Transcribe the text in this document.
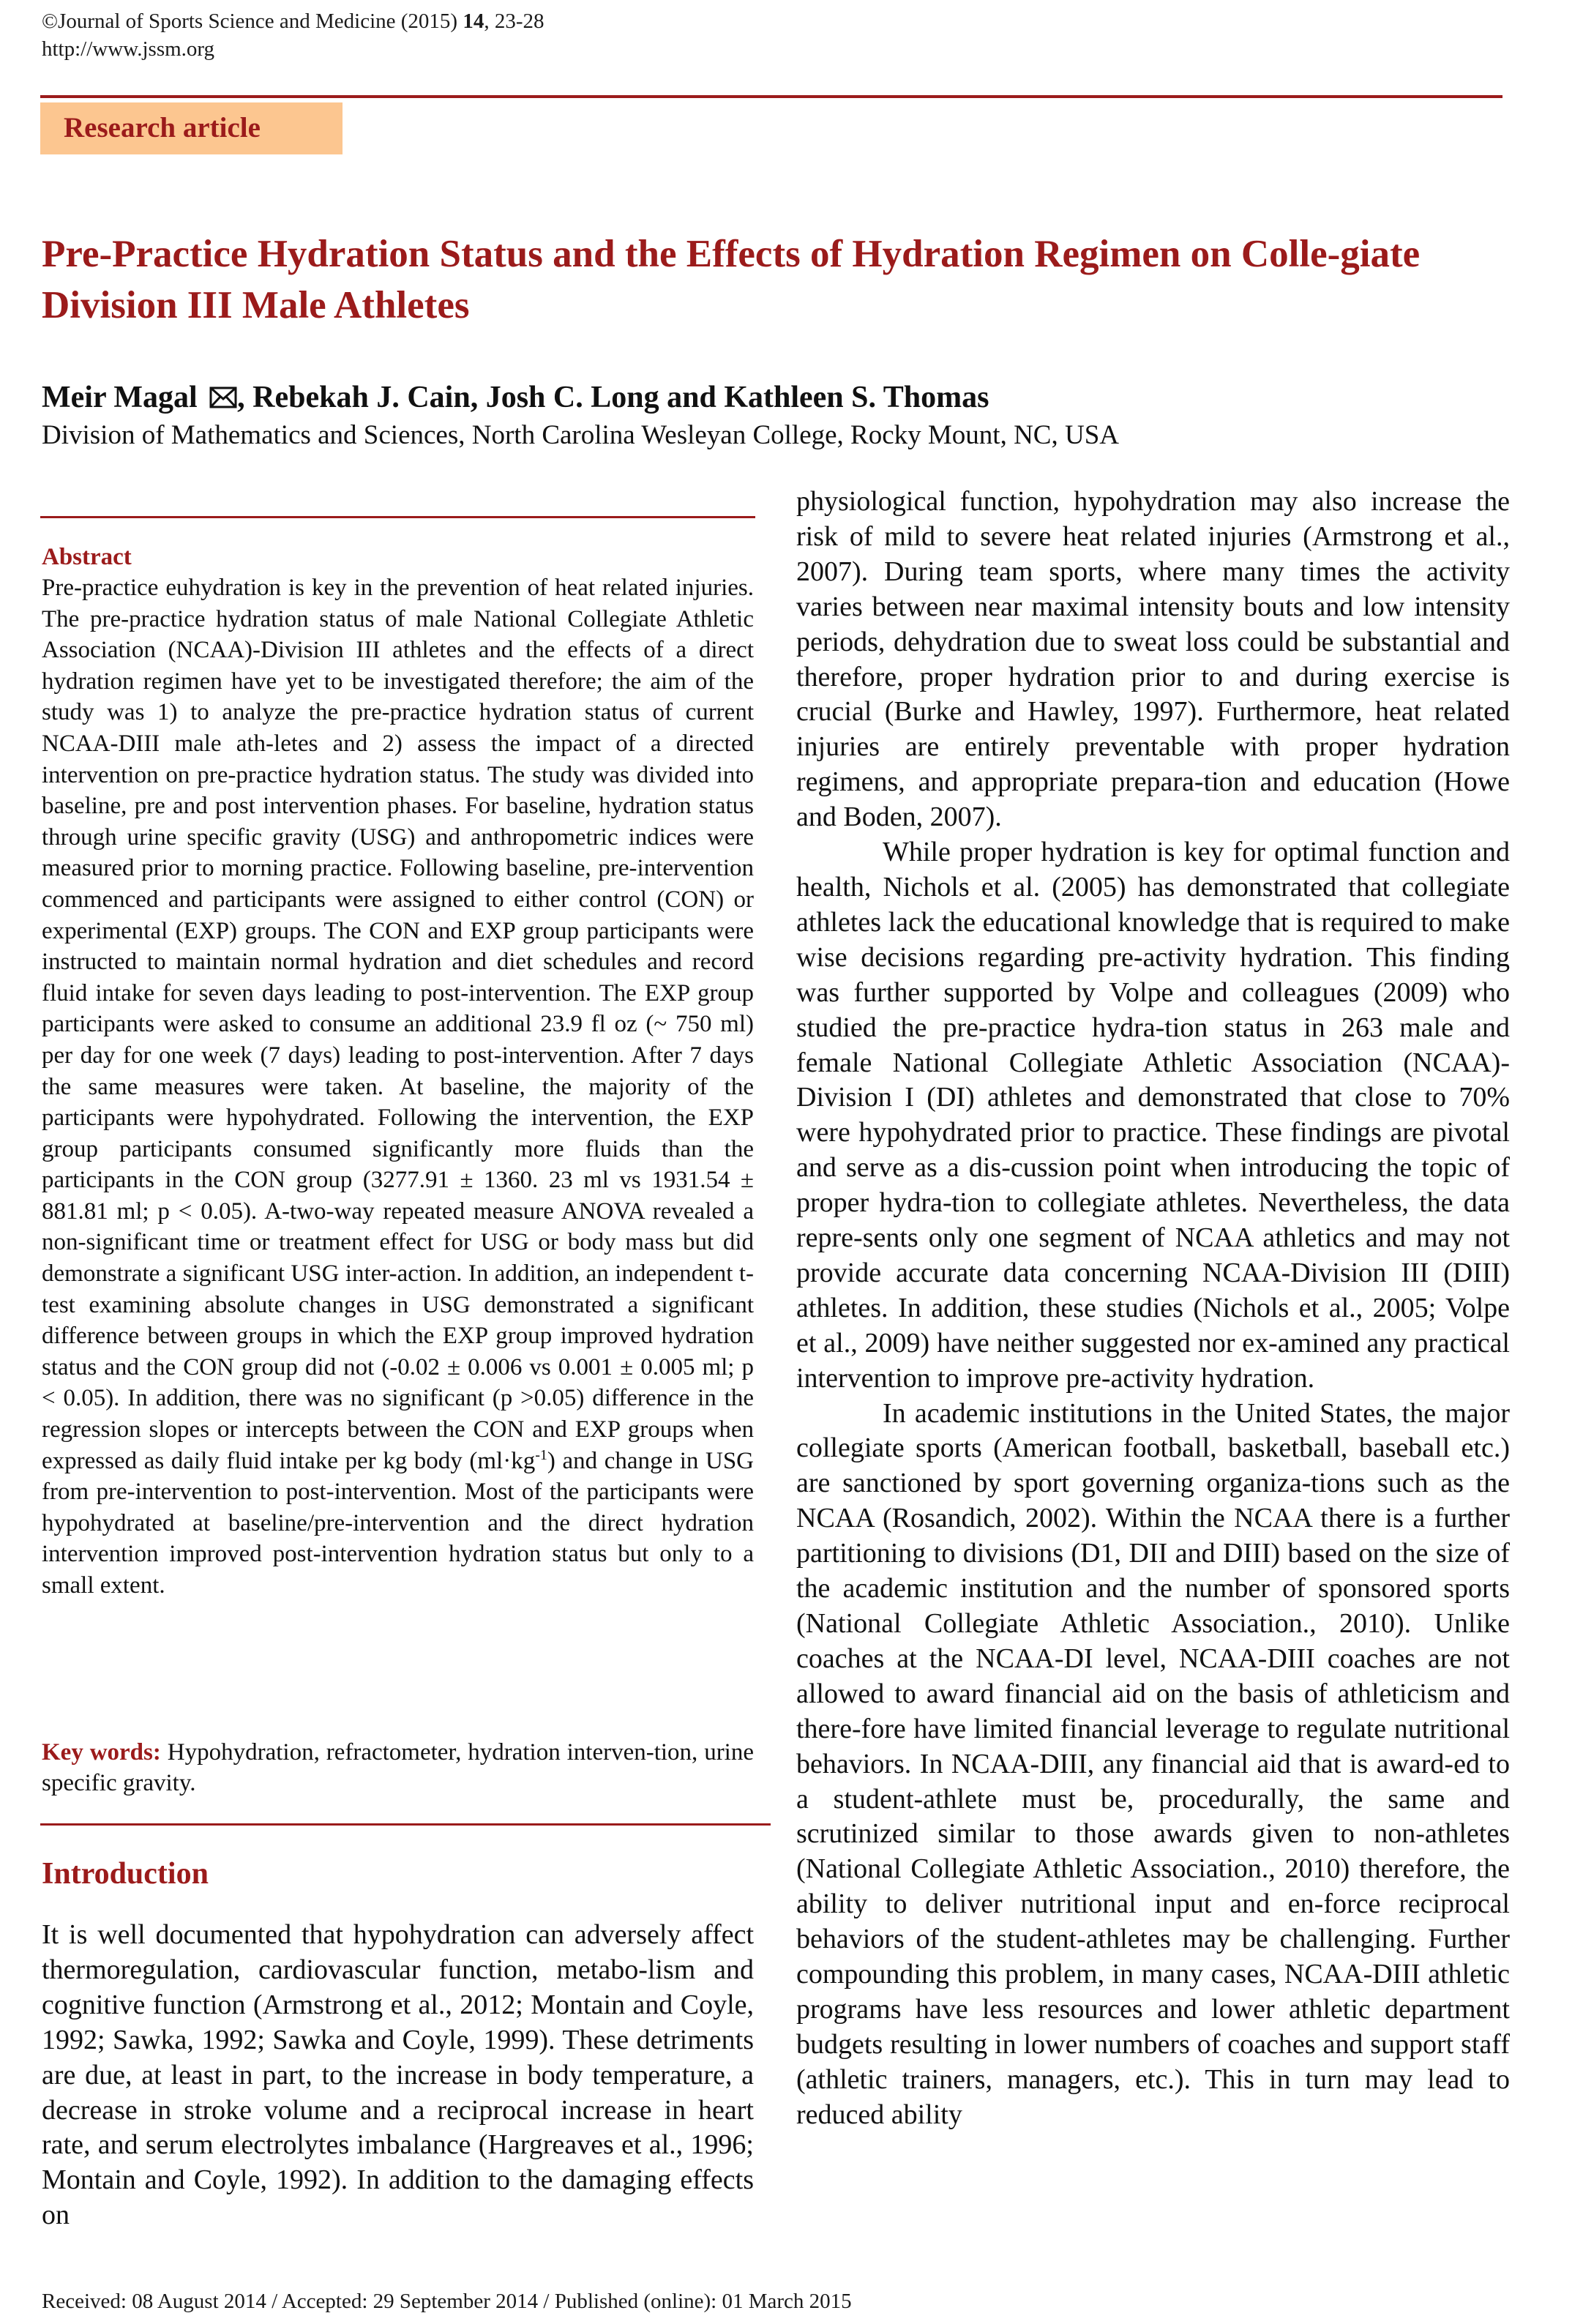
©Journal of Sports Science and Medicine (2015) 14, 23-28
http://www.jssm.org
Research article
Pre-Practice Hydration Status and the Effects of Hydration Regimen on Colle-giate Division III Male Athletes
Meir Magal , Rebekah J. Cain, Josh C. Long and Kathleen S. Thomas
Division of Mathematics and Sciences, North Carolina Wesleyan College, Rocky Mount, NC, USA
Abstract

Pre-practice euhydration is key in the prevention of heat related injuries. The pre-practice hydration status of male National Collegiate Athletic Association (NCAA)-Division III athletes and the effects of a direct hydration regimen have yet to be investigated therefore; the aim of the study was 1) to analyze the pre-practice hydration status of current NCAA-DIII male ath-letes and 2) assess the impact of a directed intervention on pre-practice hydration status. The study was divided into baseline, pre and post intervention phases. For baseline, hydration status through urine specific gravity (USG) and anthropometric indices were measured prior to morning practice. Following baseline, pre-intervention commenced and participants were assigned to either control (CON) or experimental (EXP) groups. The CON and EXP group participants were instructed to maintain normal hydration and diet schedules and record fluid intake for seven days leading to post-intervention. The EXP group participants were asked to consume an additional 23.9 fl oz (~ 750 ml) per day for one week (7 days) leading to post-intervention. After 7 days the same measures were taken. At baseline, the majority of the participants were hypohydrated. Following the intervention, the EXP group participants consumed significantly more fluids than the participants in the CON group (3277.91 ± 1360. 23 ml vs 1931.54 ± 881.81 ml; p < 0.05). A-two-way repeated measure ANOVA revealed a non-significant time or treatment effect for USG or body mass but did demonstrate a significant USG inter-action. In addition, an independent t-test examining absolute changes in USG demonstrated a significant difference between groups in which the EXP group improved hydration status and the CON group did not (-0.02 ± 0.006 vs 0.001 ± 0.005 ml; p < 0.05). In addition, there was no significant (p >0.05) difference in the regression slopes or intercepts between the CON and EXP groups when expressed as daily fluid intake per kg body $(ml\cdot kg^{-1})$ and change in USG from pre-intervention to post-intervention. Most of the participants were hypohydrated at baseline/pre-intervention and the direct hydration intervention improved post-intervention hydration status but only to a small extent.

Key words: Hypohydration, refractometer, hydration interven-tion, urine specific gravity.

Introduction

It is well documented that hypohydration can adversely affect thermoregulation, cardiovascular function, metabo-lism and cognitive function (Armstrong et al., 2012; Montain and Coyle, 1992; Sawka, 1992; Sawka and Coyle, 1999). These detriments are due, at least in part, to the increase in body temperature, a decrease in stroke volume and a reciprocal increase in heart rate, and serum electrolytes imbalance (Hargreaves et al., 1996; Montain and Coyle, 1992). In addition to the damaging effects on

physiological function, hypohydration may also increase the risk of mild to severe heat related injuries (Armstrong et al., 2007). During team sports, where many times the activity varies between near maximal intensity bouts and low intensity periods, dehydration due to sweat loss could be substantial and therefore, proper hydration prior to and during exercise is crucial (Burke and Hawley, 1997). Furthermore, heat related injuries are entirely preventable with proper hydration regimens, and appropriate prepara-tion and education (Howe and Boden, 2007).

While proper hydration is key for optimal function and health, Nichols et al. (2005) has demonstrated that collegiate athletes lack the educational knowledge that is required to make wise decisions regarding pre-activity hydration. This finding was further supported by Volpe and colleagues (2009) who studied the pre-practice hydra-tion status in 263 male and female National Collegiate Athletic Association (NCAA)-Division I (DI) athletes and demonstrated that close to 70% were hypohydrated prior to practice. These findings are pivotal and serve as a dis-cussion point when introducing the topic of proper hydra-tion to collegiate athletes. Nevertheless, the data repre-sents only one segment of NCAA athletics and may not provide accurate data concerning NCAA-Division III (DIII) athletes. In addition, these studies (Nichols et al., 2005; Volpe et al., 2009) have neither suggested nor ex-amined any practical intervention to improve pre-activity hydration.

In academic institutions in the United States, the major collegiate sports (American football, basketball, baseball etc.) are sanctioned by sport governing organiza-tions such as the NCAA (Rosandich, 2002). Within the NCAA there is a further partitioning to divisions (D1, DII and DIII) based on the size of the academic institution and the number of sponsored sports (National Collegiate Athletic Association., 2010). Unlike coaches at the NCAA-DI level, NCAA-DIII coaches are not allowed to award financial aid on the basis of athleticism and there-fore have limited financial leverage to regulate nutritional behaviors. In NCAA-DIII, any financial aid that is award-ed to a student-athlete must be, procedurally, the same and scrutinized similar to those awards given to non-athletes (National Collegiate Athletic Association., 2010) therefore, the ability to deliver nutritional input and en-force reciprocal behaviors of the student-athletes may be challenging. Further compounding this problem, in many cases, NCAA-DIII athletic programs have less resources and lower athletic department budgets resulting in lower numbers of coaches and support staff (athletic trainers, managers, etc.). This in turn may lead to reduced ability

Received: 08 August 2014 / Accepted: 29 September 2014 / Published (online): 01 March 2015
